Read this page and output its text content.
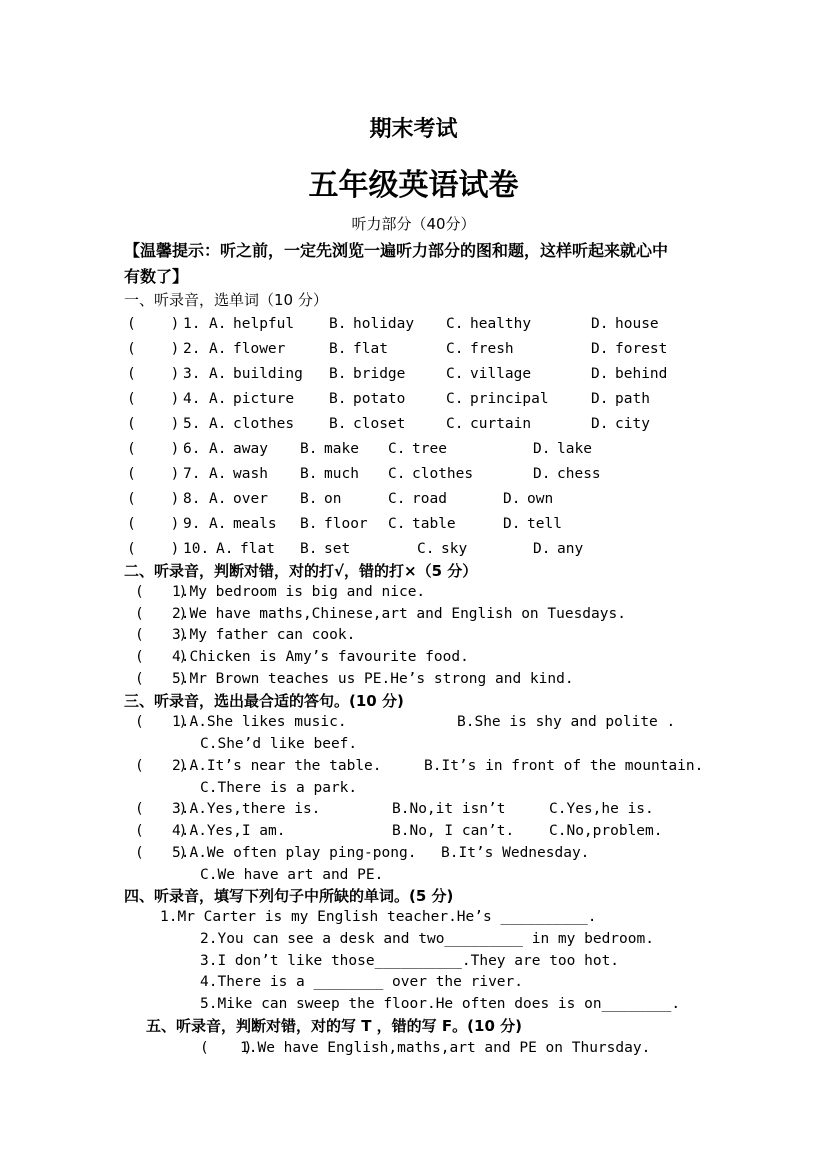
期末考试
五年级英语试卷
听力部分（40分）
【温馨提示：听之前，一定先浏览一遍听力部分的图和题，这样听起来就心中
有数了】
一、听录音，选单词（10 分）
(    ) 1. A. helpful B. holiday C. healthy	D. house
(    ) 2. A. flower	B. flat	C. fresh	D. forest
(    ) 3. A. building B. bridge	C. village	D. behind
(    ) 4. A. picture B. potato	C. principal	D. path
(    ) 5. A. clothes B. closet	C. curtain	D. city
(    ) 6. A. away B. make C. tree	D. lake
(    ) 7. A. wash B. much C. clothes	D. chess
(    ) 8. A. over B. on	C. road	D. own
(    ) 9. A. meals B. floor C. table	D. tell
(    ) 10. A. flat B. set	C. sky	D. any
二、听录音，判断对错，对的打√，错的打×（5 分）
(    )
1.My bedroom is big and nice.
(    )
2.We have maths,Chinese,art and English on Tuesdays.
(    )
3.My father can cook.
(    )
4.Chicken is Amy’s favourite food.
(    )
5.Mr Brown teaches us PE.He’s strong and kind.
三、听录音，选出最合适的答句。(10 分)
(    )
1.A.She likes music.	B.She is shy and polite .
C.She’d like beef.
(    )
2.A.It’s near the table.	B.It’s in front of the mountain.
C.There is a park.
(    )
3.A.Yes,there is.	B.No,it isn’t	C.Yes,he is.
(    )
4.A.Yes,I am.	B.No, I can’t. C.No,problem.
(    )
5.A.We often play ping-pong. B.It’s Wednesday.
C.We have art and PE.
四、听录音，填写下列句子中所缺的单词。(5 分)
1.Mr Carter is my English teacher.He’s __________.
2.You can see a desk and two_________ in my bedroom.
3.I don’t like those__________.They are too hot.
4.There is a ________ over the river.
5.Mike can sweep the floor.He often does is on________.
五、听录音，判断对错，对的写 T ，错的写 F。(10 分)
(    )
1.We have English,maths,art and PE on Thursday.
